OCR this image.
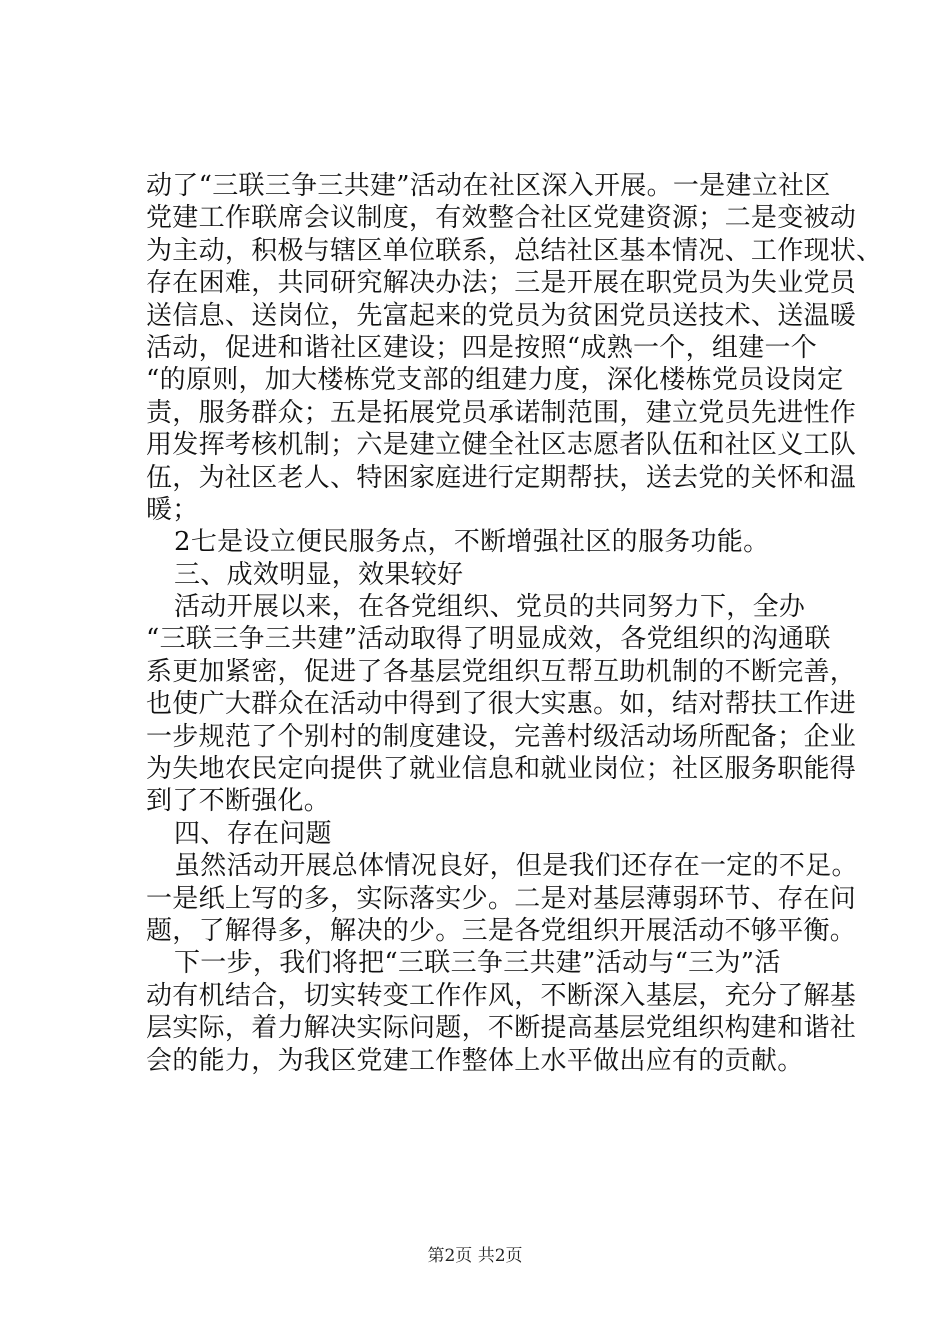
动了“三联三争三共建”活动在社区深入开展。一是建立社区
党建工作联席会议制度，有效整合社区党建资源；二是变被动
为主动，积极与辖区单位联系，总结社区基本情况、工作现状、
存在困难，共同研究解决办法；三是开展在职党员为失业党员
送信息、送岗位，先富起来的党员为贫困党员送技术、送温暖
活动，促进和谐社区建设；四是按照“成熟一个，组建一个
“的原则，加大楼栋党支部的组建力度，深化楼栋党员设岗定
责，服务群众；五是拓展党员承诺制范围，建立党员先进性作
用发挥考核机制；六是建立健全社区志愿者队伍和社区义工队
伍，为社区老人、特困家庭进行定期帮扶，送去党的关怀和温
暖；
2七是设立便民服务点，不断增强社区的服务功能。
三、成效明显，效果较好
活动开展以来，在各党组织、党员的共同努力下，全办
“三联三争三共建”活动取得了明显成效，各党组织的沟通联
系更加紧密，促进了各基层党组织互帮互助机制的不断完善，
也使广大群众在活动中得到了很大实惠。如，结对帮扶工作进
一步规范了个别村的制度建设，完善村级活动场所配备；企业
为失地农民定向提供了就业信息和就业岗位；社区服务职能得
到了不断强化。
四、存在问题
虽然活动开展总体情况良好，但是我们还存在一定的不足。
一是纸上写的多，实际落实少。二是对基层薄弱环节、存在问
题，了解得多，解决的少。三是各党组织开展活动不够平衡。
下一步，我们将把“三联三争三共建”活动与“三为”活
动有机结合，切实转变工作作风，不断深入基层，充分了解基
层实际，着力解决实际问题，不断提高基层党组织构建和谐社
会的能力，为我区党建工作整体上水平做出应有的贡献。
第2页 共2页
